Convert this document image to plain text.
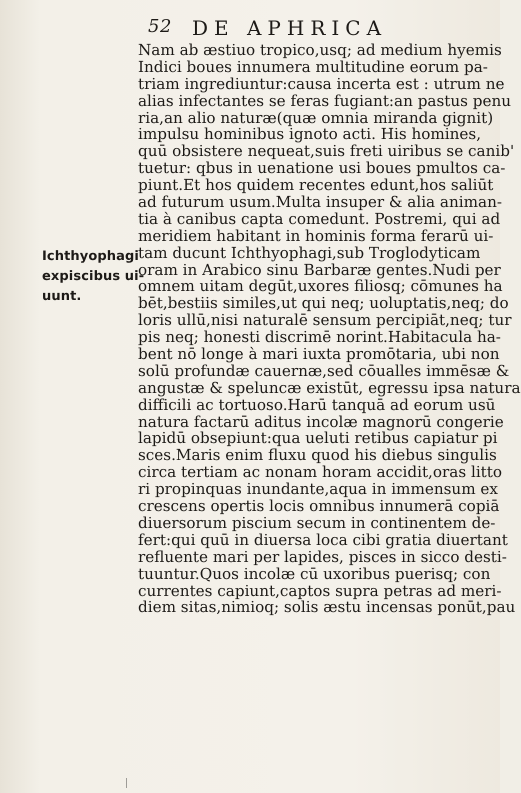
52 DE APHRICA
Ichthyophagi
expiscibus ui-
uunt.
Nam ab æstiuo tropico,usq; ad medium hyemis
Indici boues innumera multitudine eorum pa-
triam ingrediuntur:causa incerta est : utrum ne
alias infectantes se feras fugiant:an pastus penu
ria,an alio naturæ(quæ omnia miranda gignit)
impulsu hominibus ignoto acti. His homines,
quū obsistere nequeat,suis freti uiribus se canib'
tuetur: qbus in uenatione usi boues pmultos ca-
piunt.Et hos quidem recentes edunt,hos saliūt
ad futurum usum.Multa insuper & alia animan-
tia à canibus capta comedunt. Postremi, qui ad
meridiem habitant in hominis forma ferarū ui-
tam ducunt Ichthyophagi,sub Troglodyticam
oram in Arabico sinu Barbaræ gentes.Nudi per
omnem uitam degūt,uxores filiosq; cōmunes ha
bēt,bestiis similes,ut qui neq; uoluptatis,neq; do
loris ullū,nisi naturalē sensum percipiāt,neq; tur
pis neq; honesti discrimē norint.Habitacula ha-
bent nō longe à mari iuxta promōtaria, ubi non
solū profundæ cauernæ,sed cōualles immēsæ &
angustæ & speluncæ existūt, egressu ipsa natura
difficili ac tortuoso.Harū tanquā ad eorum usū
natura factarū aditus incolæ magnorū congerie
lapidū obsepiunt:qua ueluti retibus capiatur pi
sces.Maris enim fluxu quod his diebus singulis
circa tertiam ac nonam horam accidit,oras litto
ri propinquas inundante,aqua in immensum ex
crescens opertis locis omnibus innumerā copiā
diuersorum piscium secum in continentem de-
fert:qui quū in diuersa loca cibi gratia diuertant
refluente mari per lapides, pisces in sicco desti-
tuuntur.Quos incolæ cū uxoribus puerisq; con
currentes capiunt,captos supra petras ad meri-
diem sitas,nimioq; solis æstu incensas ponūt,pau
